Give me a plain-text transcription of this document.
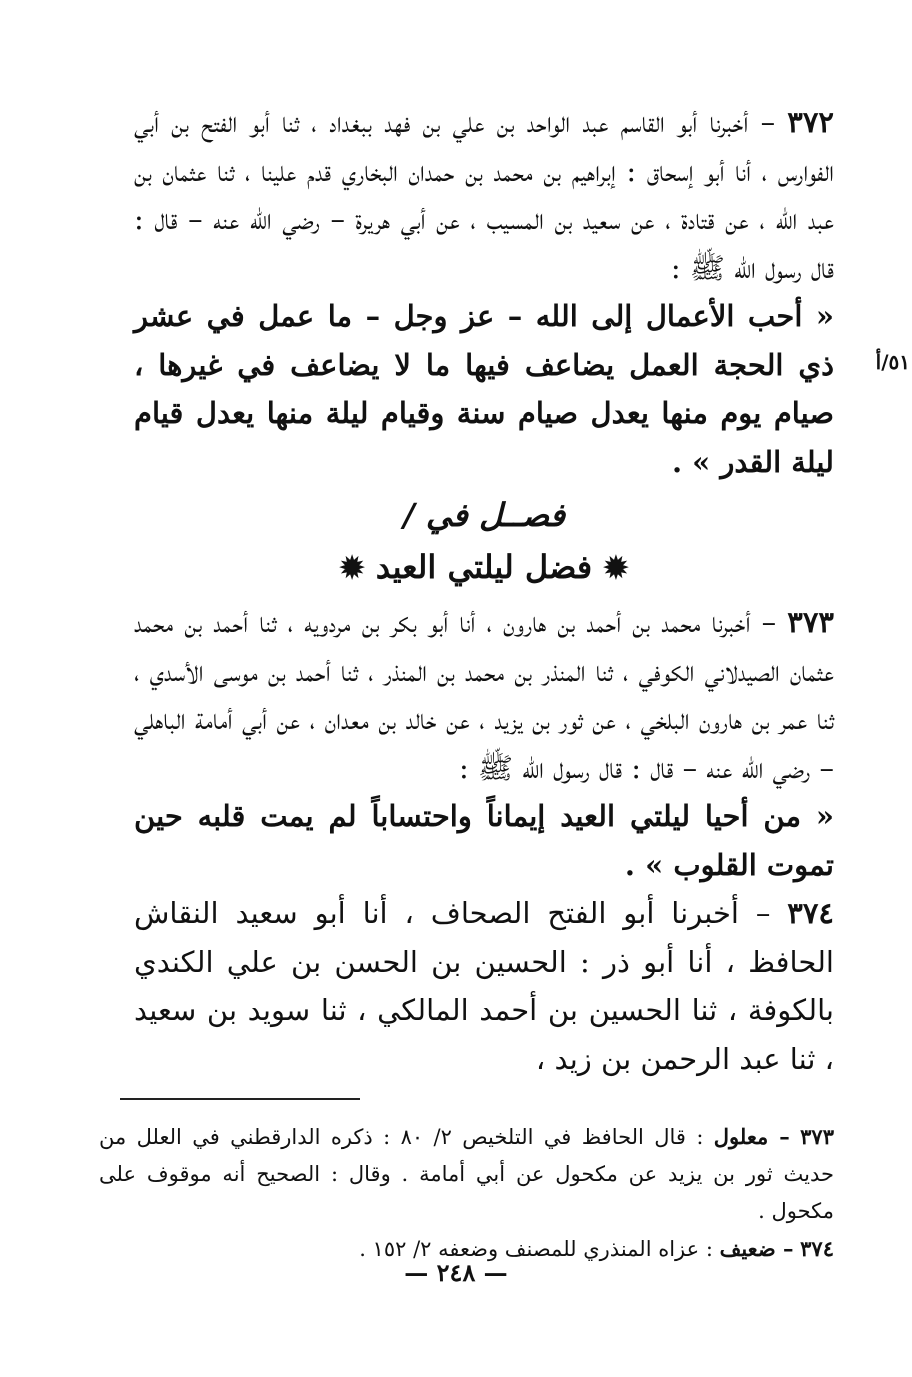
٥١/أ

٣٧٢ – أخبرنا أبو القاسم عبد الواحد بن علي بن فهد ببغداد ، ثنا أبو الفتح بن أبي الفوارس ، أنا أبو إسحاق : إبراهيم بن محمد بن حمدان البخاري قدم علينا ، ثنا عثمان بن عبد الله ، عن قتادة ، عن سعيد بن المسيب ، عن أبي هريرة – رضي الله عنه – قال : قال رسول الله ﷺ :

« أحب الأعمال إلى الله – عز وجل – ما عمل في عشر ذي الحجة العمل يضاعف فيها ما لا يضاعف في غيرها ، صيام يوم منها يعدل صيام سنة وقيام ليلة منها يعدل قيام ليلة القدر » .

فصــل في /
✹ فضل ليلتي العيد ✹

٣٧٣ – أخبرنا محمد بن أحمد بن هارون ، أنا أبو بكر بن مردويه ، ثنا أحمد بن محمد عثمان الصيدلاني الكوفي ، ثنا المنذر بن محمد بن المنذر ، ثنا أحمد بن موسى الأسدي ، ثنا عمر بن هارون البلخي ، عن ثور بن يزيد ، عن خالد بن معدان ، عن أبي أمامة الباهلي – رضي الله عنه – قال : قال رسول الله ﷺ :

« من أحيا ليلتي العيد إيماناً واحتساباً لم يمت قلبه حين تموت القلوب » .

٣٧٤ – أخبرنا أبو الفتح الصحاف ، أنا أبو سعيد النقاش الحافظ ، أنا أبو ذر : الحسين بن الحسن بن علي الكندي بالكوفة ، ثنا الحسين بن أحمد المالكي ، ثنا سويد بن سعيد ، ثنا عبد الرحمن بن زيد ،

٣٧٣ – معلول : قال الحافظ في التلخيص ٢/ ٨٠ : ذكره الدارقطني في العلل من حديث ثور بن يزيد عن مكحول عن أبي أمامة . وقال : الصحيح أنه موقوف على مكحول .
٣٧٤ – ضعيف : عزاه المنذري للمصنف وضعفه ٢/ ١٥٢ .
— ٢٤٨ —
